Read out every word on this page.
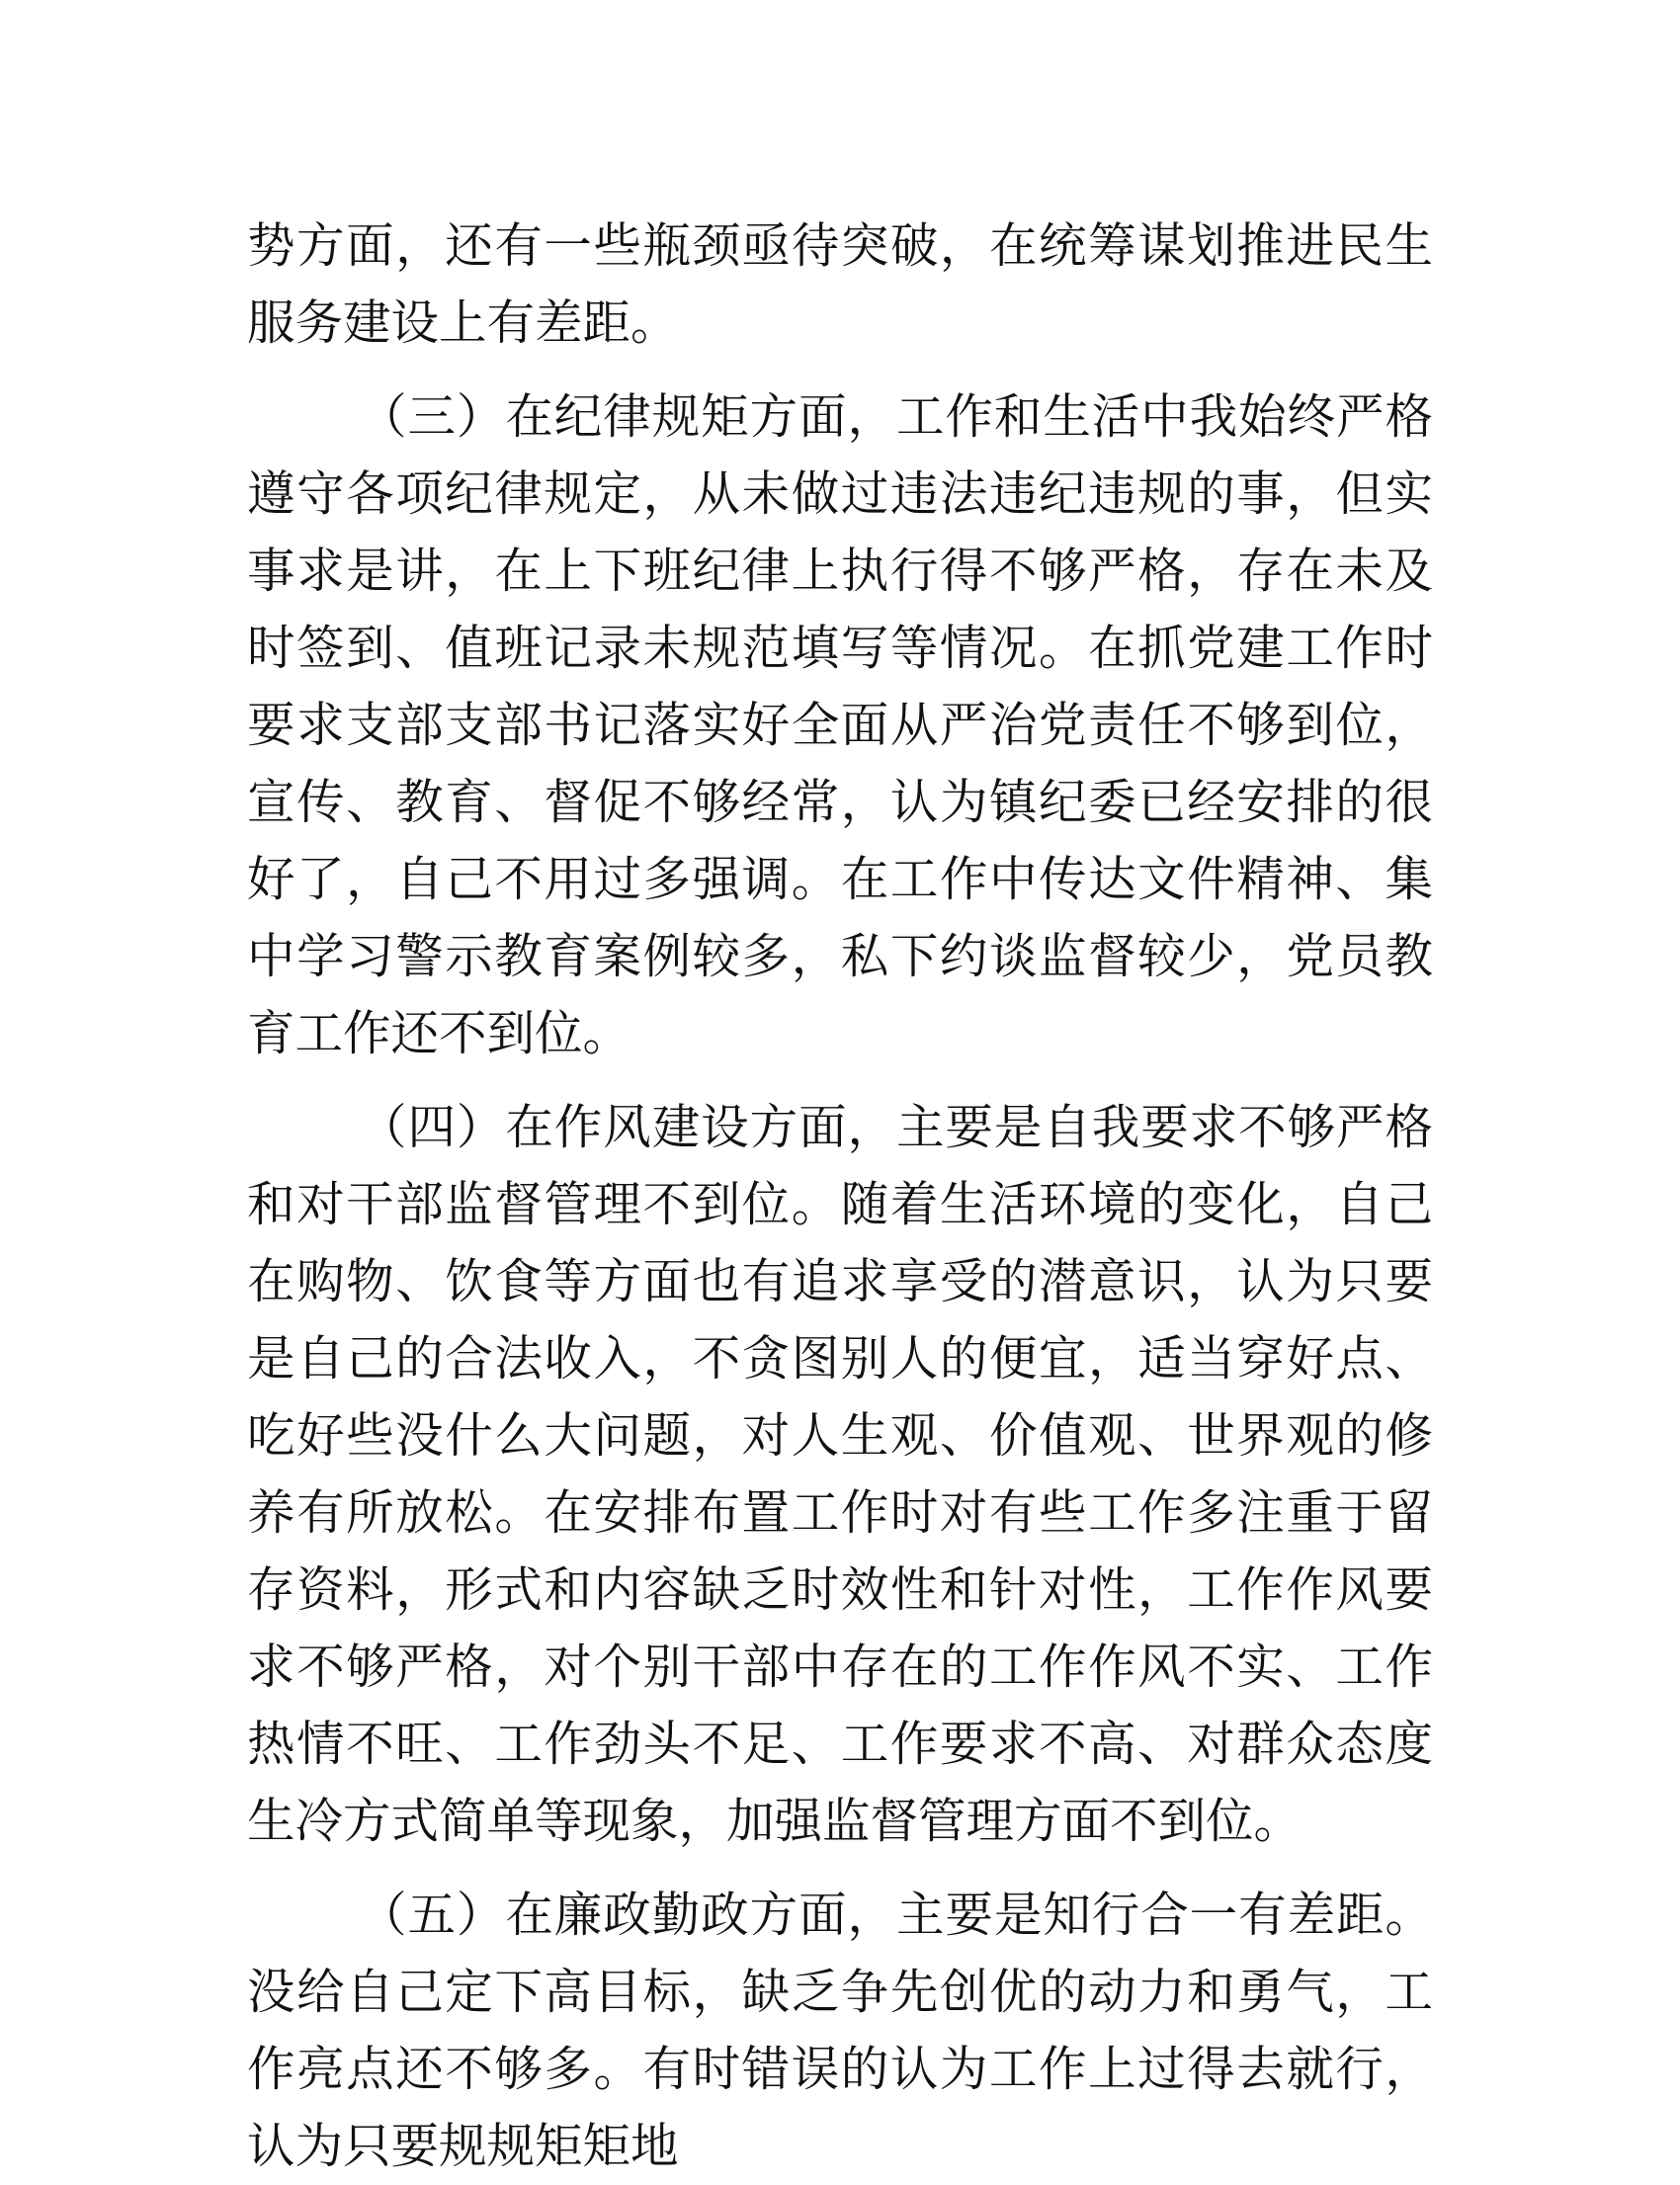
势方面，还有一些瓶颈亟待突破，在统筹谋划推进民生服务建设上有差距。

（三）在纪律规矩方面，工作和生活中我始终严格遵守各项纪律规定，从未做过违法违纪违规的事，但实事求是讲，在上下班纪律上执行得不够严格，存在未及时签到、值班记录未规范填写等情况。在抓党建工作时要求支部支部书记落实好全面从严治党责任不够到位，宣传、教育、督促不够经常，认为镇纪委已经安排的很好了，自己不用过多强调。在工作中传达文件精神、集中学习警示教育案例较多，私下约谈监督较少，党员教育工作还不到位。

（四）在作风建设方面，主要是自我要求不够严格和对干部监督管理不到位。随着生活环境的变化，自己在购物、饮食等方面也有追求享受的潜意识，认为只要是自己的合法收入，不贪图别人的便宜，适当穿好点、吃好些没什么大问题，对人生观、价值观、世界观的修养有所放松。在安排布置工作时对有些工作多注重于留存资料，形式和内容缺乏时效性和针对性，工作作风要求不够严格，对个别干部中存在的工作作风不实、工作热情不旺、工作劲头不足、工作要求不高、对群众态度生冷方式简单等现象，加强监督管理方面不到位。

（五）在廉政勤政方面，主要是知行合一有差距。没给自己定下高目标，缺乏争先创优的动力和勇气，工作亮点还不够多。有时错误的认为工作上过得去就行，认为只要规规矩矩地
